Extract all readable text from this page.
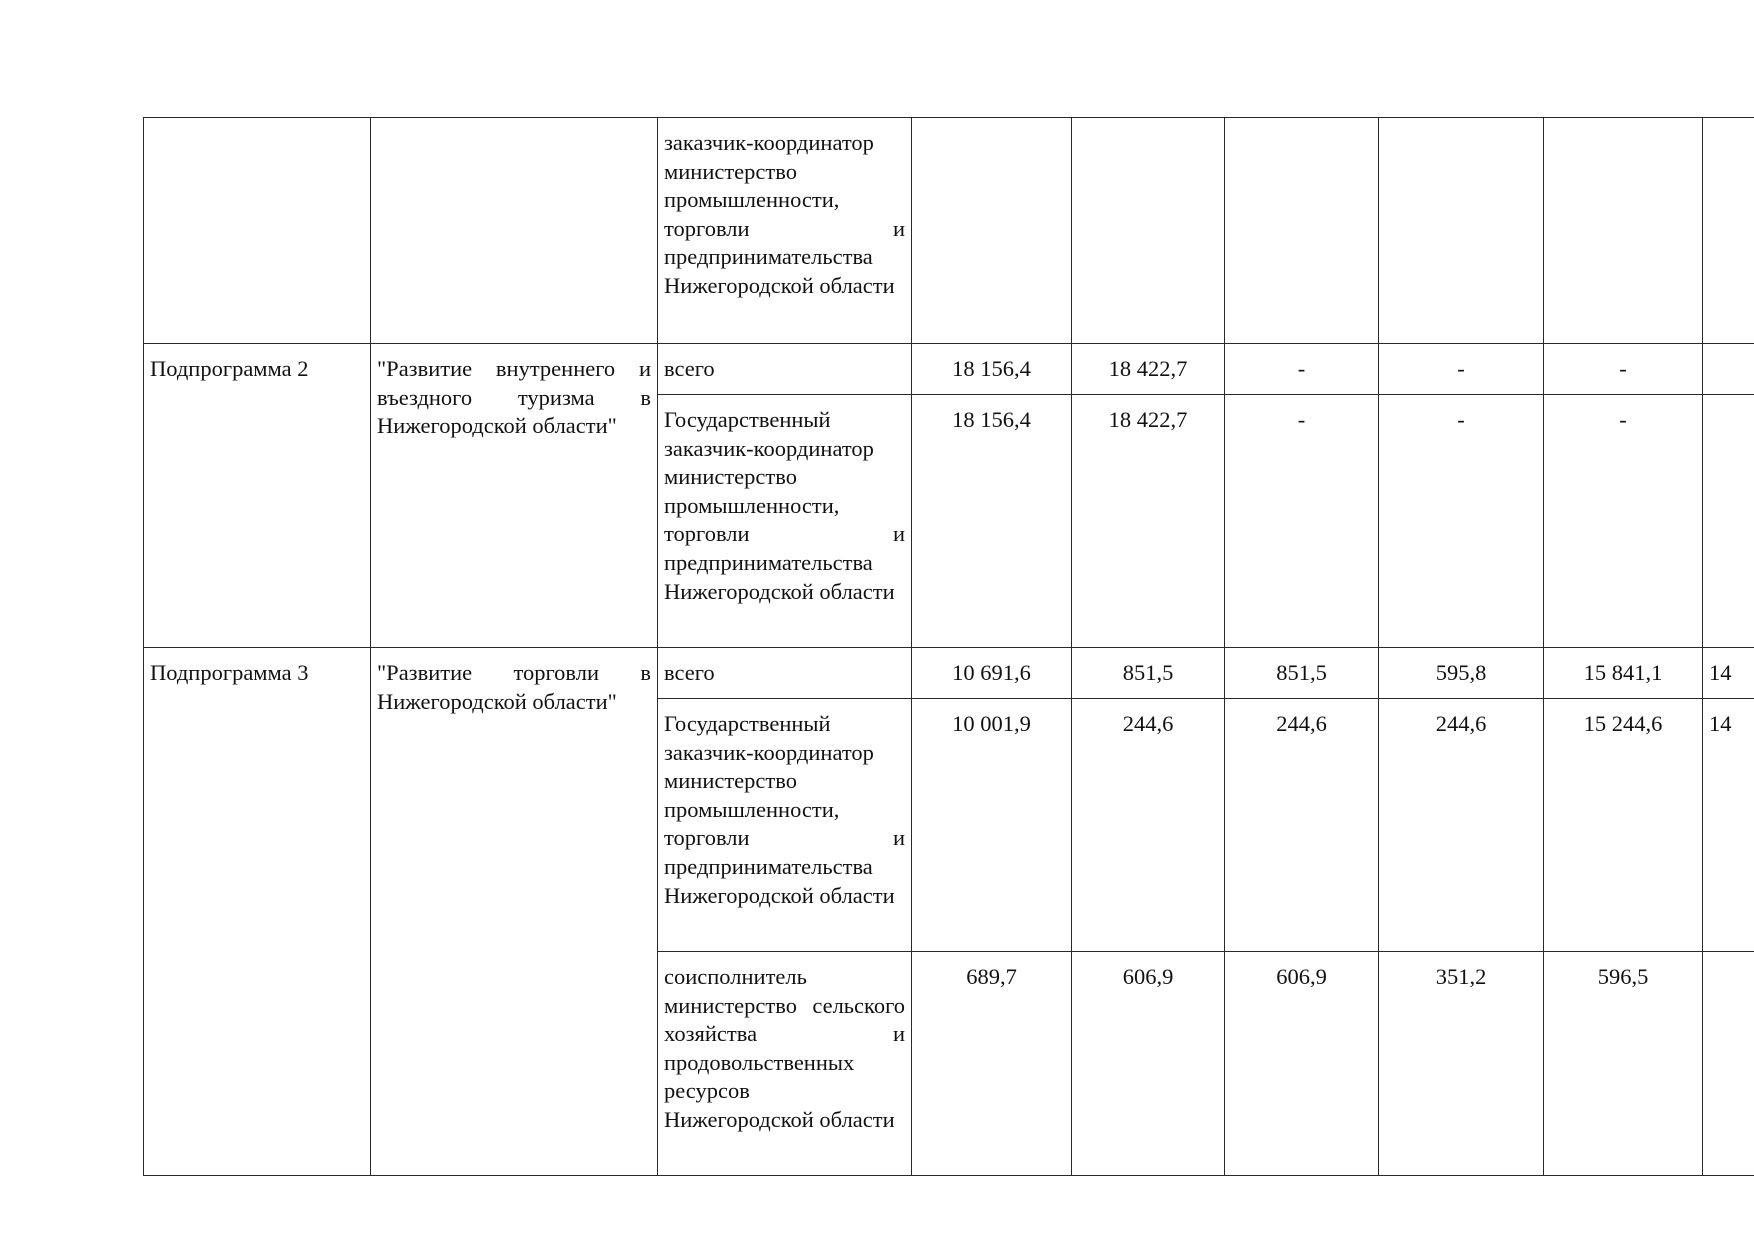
		заказчик-координатор министерство промышленности, торговли и предпринимательства Нижегородской области						

Подпрограмма 2	"Развитие внутреннего и въездного туризма в Нижегородской области"	всего	18 156,4	18 422,7	-	-	-	

		Государственный заказчик-координатор министерство промышленности, торговли и предпринимательства Нижегородской области	18 156,4	18 422,7	-	-	-	
Подпрограмма 3	"Развитие торговли в Нижегородской области"	всего	10 691,6	851,5	851,5	595,8	15 841,1	14

		Государственный заказчик-координатор министерство промышленности, торговли и предпринимательства Нижегородской области	10 001,9	244,6	244,6	244,6	15 244,6	14

		соисполнитель министерство сельского хозяйства и продовольственных ресурсов Нижегородской области	689,7	606,9	606,9	351,2	596,5	
